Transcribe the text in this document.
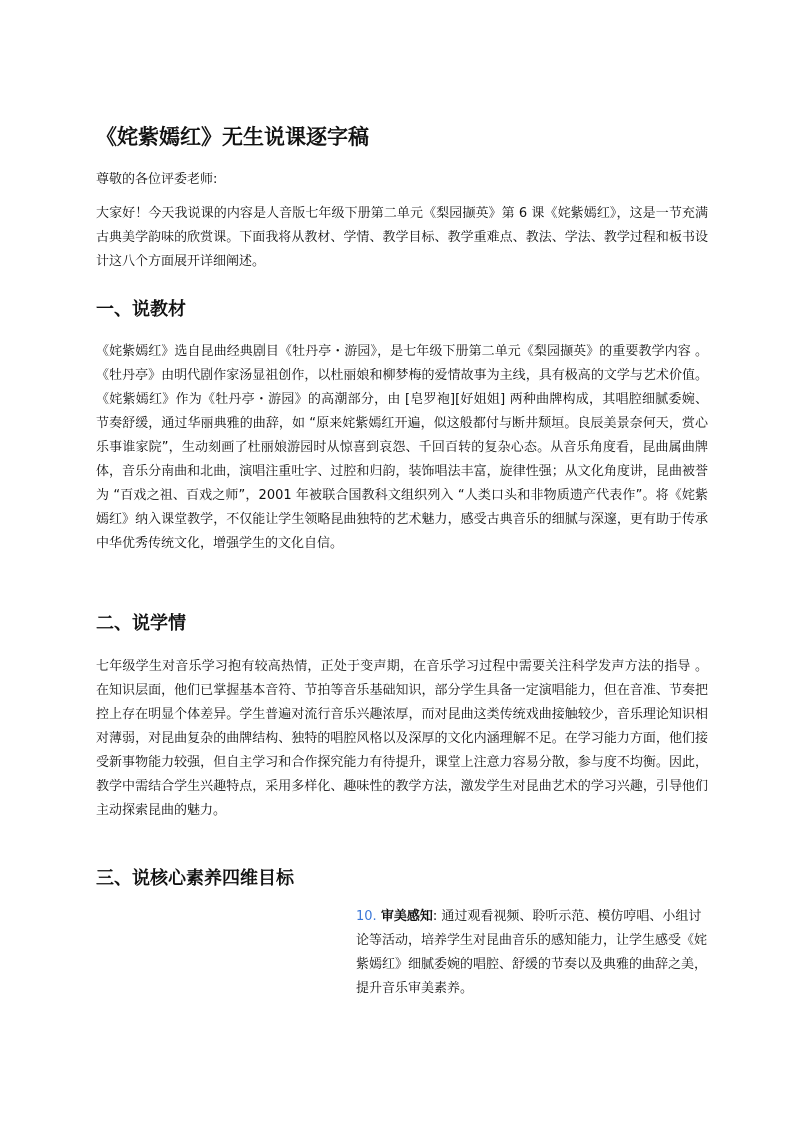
《姹紫嫣红》无生说课逐字稿

尊敬的各位评委老师:

大家好！今天我说课的内容是人音版七年级下册第二单元《梨园撷英》第 6 课《姹紫嫣红》，这是一节充满古典美学韵味的欣赏课。下面我将从教材、学情、教学目标、教学重难点、教法、学法、教学过程和板书设计这八个方面展开详细阐述。

一、说教材

《姹紫嫣红》选自昆曲经典剧目《牡丹亭・游园》，是七年级下册第二单元《梨园撷英》的重要教学内容 。《牡丹亭》由明代剧作家汤显祖创作，以杜丽娘和柳梦梅的爱情故事为主线，具有极高的文学与艺术价值。《姹紫嫣红》作为《牡丹亭・游园》的高潮部分，由 [皂罗袍][好姐姐] 两种曲牌构成，其唱腔细腻委婉、节奏舒缓，通过华丽典雅的曲辞，如 “原来姹紫嫣红开遍，似这般都付与断井颓垣。良辰美景奈何天，赏心乐事谁家院”，生动刻画了杜丽娘游园时从惊喜到哀怨、千回百转的复杂心态。从音乐角度看，昆曲属曲牌体，音乐分南曲和北曲，演唱注重吐字、过腔和归韵，装饰唱法丰富，旋律性强；从文化角度讲，昆曲被誉为 “百戏之祖、百戏之师”，2001 年被联合国教科文组织列入 “人类口头和非物质遗产代表作”。将《姹紫嫣红》纳入课堂教学，不仅能让学生领略昆曲独特的艺术魅力，感受古典音乐的细腻与深邃，更有助于传承中华优秀传统文化，增强学生的文化自信。

二、说学情

七年级学生对音乐学习抱有较高热情，正处于变声期，在音乐学习过程中需要关注科学发声方法的指导 。在知识层面，他们已掌握基本音符、节拍等音乐基础知识，部分学生具备一定演唱能力，但在音准、节奏把控上存在明显个体差异。学生普遍对流行音乐兴趣浓厚，而对昆曲这类传统戏曲接触较少，音乐理论知识相对薄弱，对昆曲复杂的曲牌结构、独特的唱腔风格以及深厚的文化内涵理解不足。在学习能力方面，他们接受新事物能力较强，但自主学习和合作探究能力有待提升，课堂上注意力容易分散，参与度不均衡。因此，教学中需结合学生兴趣特点，采用多样化、趣味性的教学方法，激发学生对昆曲艺术的学习兴趣，引导他们主动探索昆曲的魅力。

三、说核心素养四维目标

10. 审美感知: 通过观看视频、聆听示范、模仿哼唱、小组讨论等活动，培养学生对昆曲音乐的感知能力，让学生感受《姹紫嫣红》细腻委婉的唱腔、舒缓的节奏以及典雅的曲辞之美，提升音乐审美素养。
